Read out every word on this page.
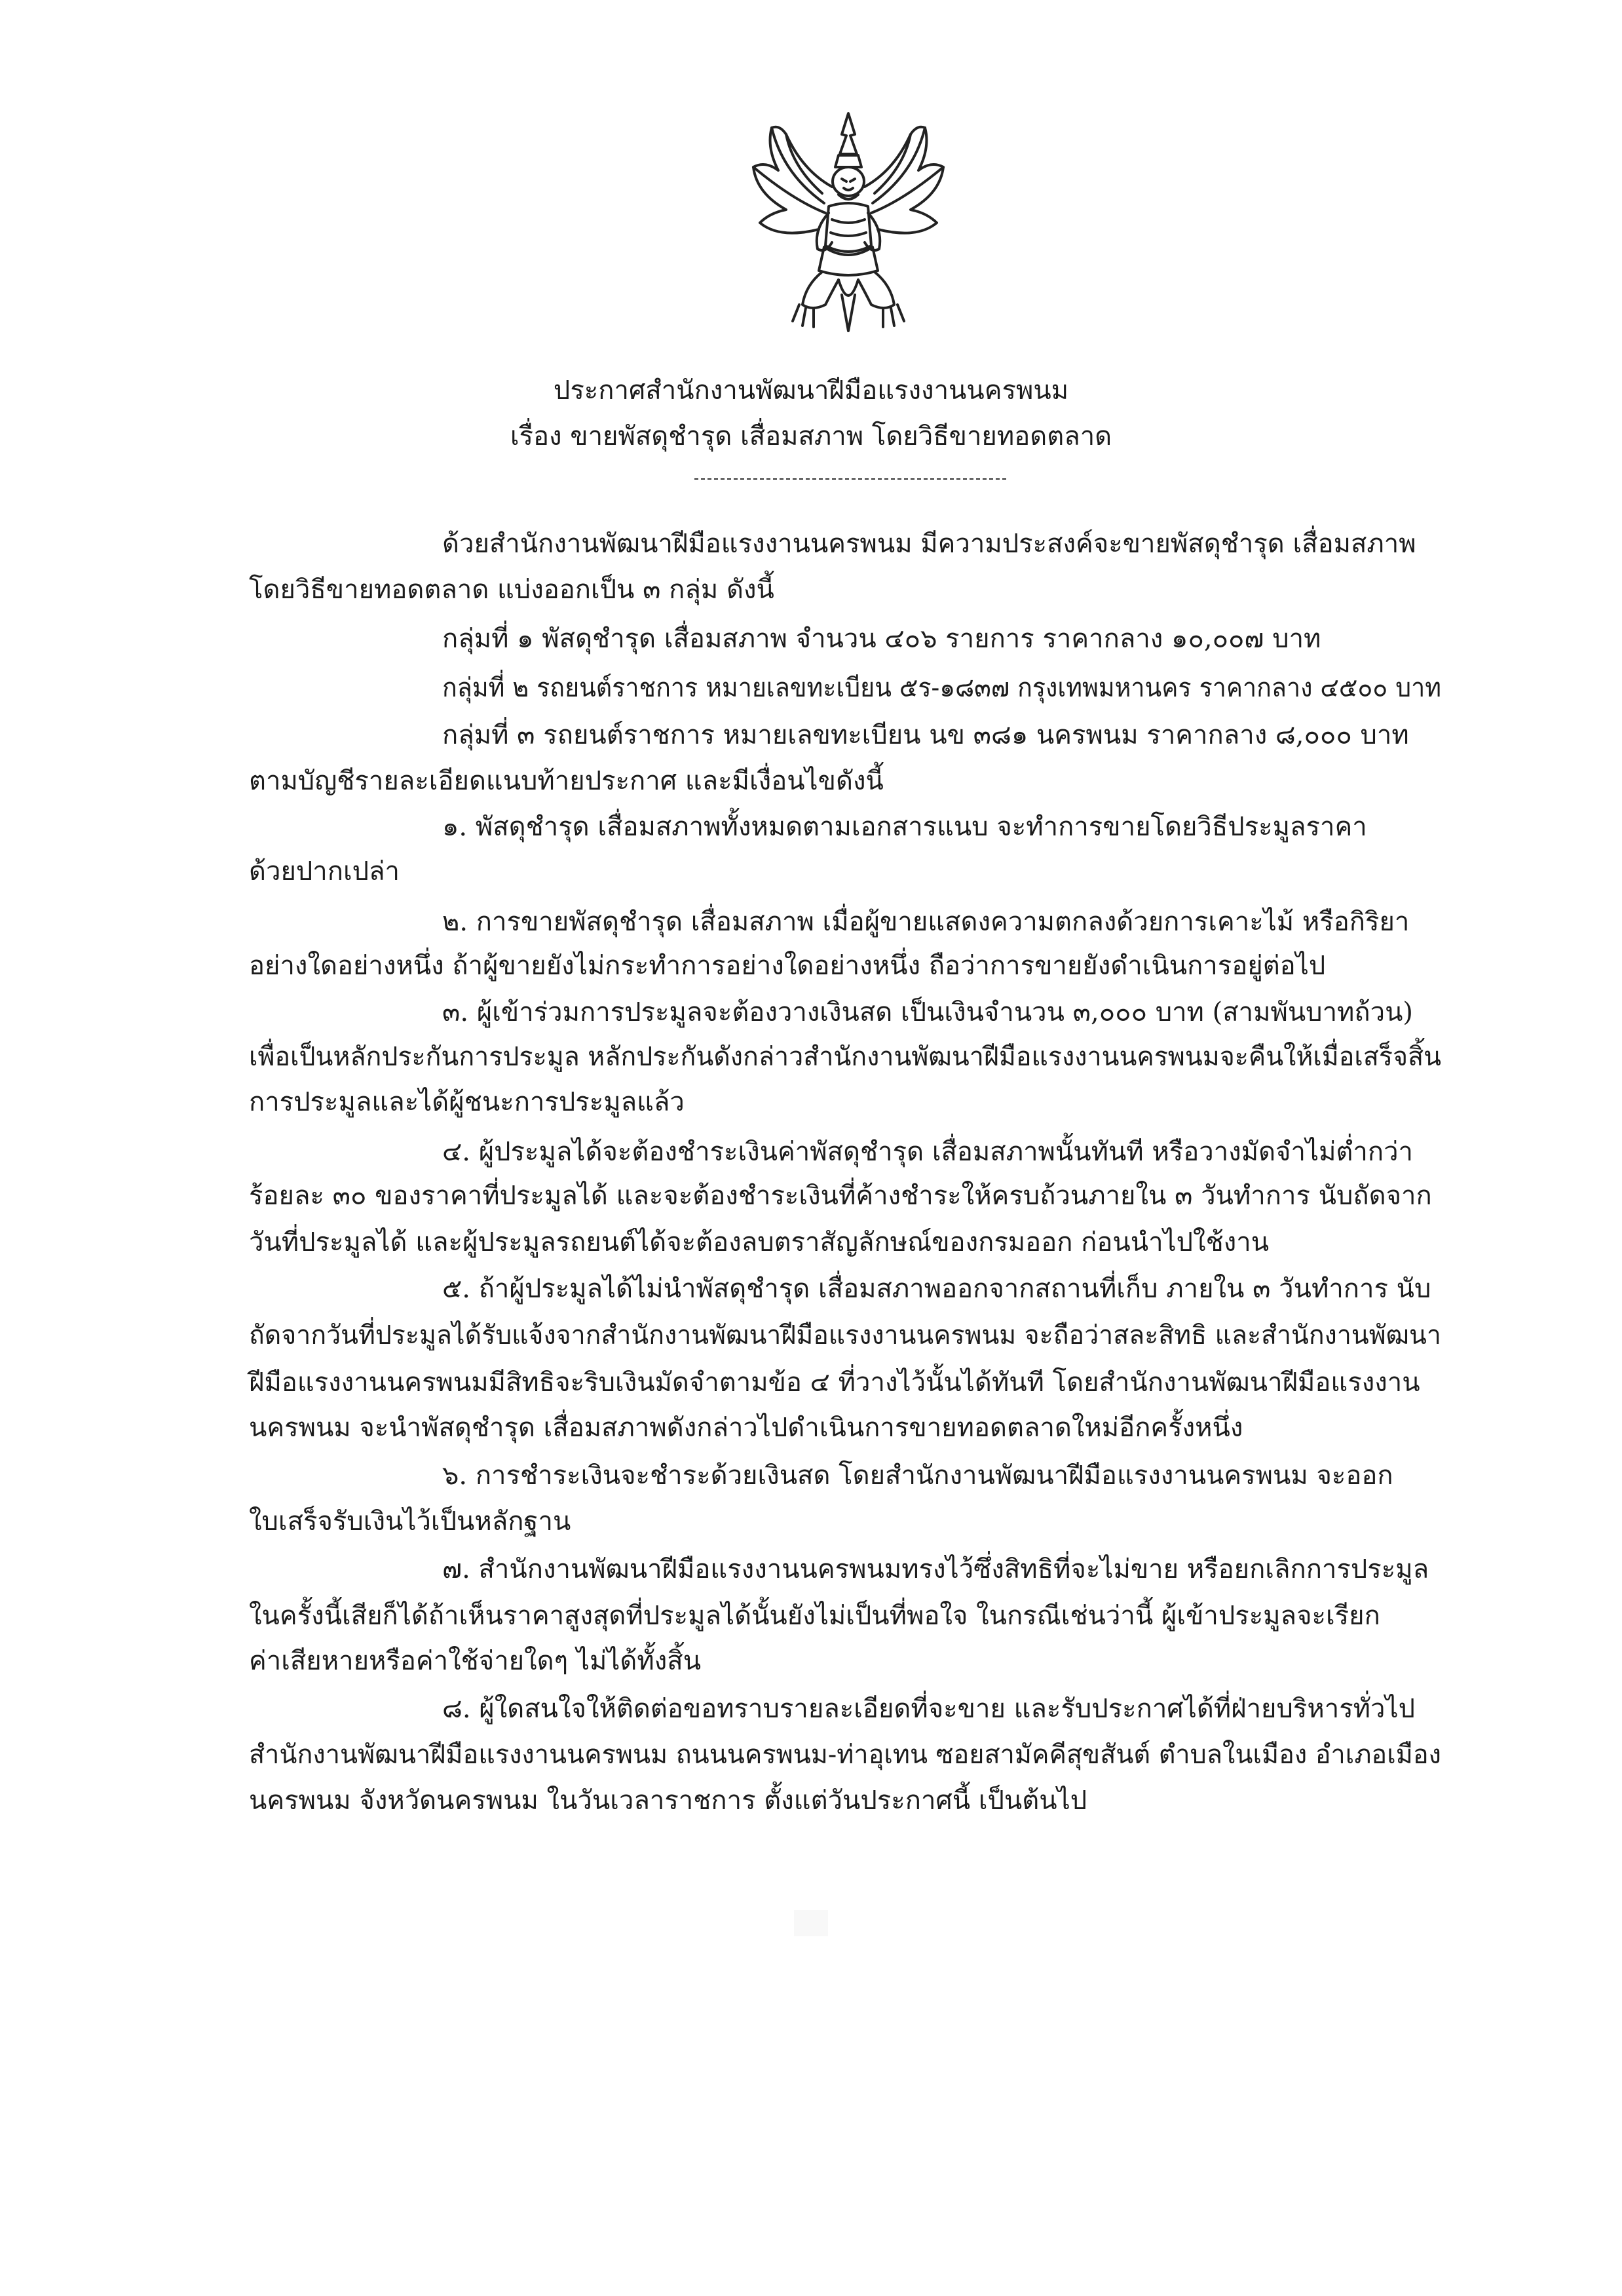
ประกาศสำนักงานพัฒนาฝีมือแรงงานนครพนม
เรื่อง ขายพัสดุชำรุด เสื่อมสภาพ โดยวิธีขายทอดตลาด
ด้วยสำนักงานพัฒนาฝีมือแรงงานนครพนม มีความประสงค์จะขายพัสดุชำรุด เสื่อมสภาพ
โดยวิธีขายทอดตลาด แบ่งออกเป็น ๓ กลุ่ม ดังนี้
กลุ่มที่ ๑ พัสดุชำรุด เสื่อมสภาพ จำนวน ๔๐๖ รายการ ราคากลาง ๑๐,๐๐๗ บาท
กลุ่มที่ ๒ รถยนต์ราชการ หมายเลขทะเบียน ๕ร-๑๘๓๗ กรุงเทพมหานคร ราคากลาง ๔๕๐๐ บาท
กลุ่มที่ ๓ รถยนต์ราชการ หมายเลขทะเบียน นข ๓๘๑ นครพนม ราคากลาง ๘,๐๐๐ บาท
ตามบัญชีรายละเอียดแนบท้ายประกาศ และมีเงื่อนไขดังนี้
๑. พัสดุชำรุด เสื่อมสภาพทั้งหมดตามเอกสารแนบ จะทำการขายโดยวิธีประมูลราคา
ด้วยปากเปล่า
๒. การขายพัสดุชำรุด เสื่อมสภาพ เมื่อผู้ขายแสดงความตกลงด้วยการเคาะไม้ หรือกิริยา
อย่างใดอย่างหนึ่ง ถ้าผู้ขายยังไม่กระทำการอย่างใดอย่างหนึ่ง ถือว่าการขายยังดำเนินการอยู่ต่อไป
๓. ผู้เข้าร่วมการประมูลจะต้องวางเงินสด เป็นเงินจำนวน ๓,๐๐๐ บาท (สามพันบาทถ้วน)
เพื่อเป็นหลักประกันการประมูล หลักประกันดังกล่าวสำนักงานพัฒนาฝีมือแรงงานนครพนมจะคืนให้เมื่อเสร็จสิ้น
การประมูลและได้ผู้ชนะการประมูลแล้ว
๔. ผู้ประมูลได้จะต้องชำระเงินค่าพัสดุชำรุด เสื่อมสภาพนั้นทันที หรือวางมัดจำไม่ต่ำกว่า
ร้อยละ ๓๐ ของราคาที่ประมูลได้ และจะต้องชำระเงินที่ค้างชำระให้ครบถ้วนภายใน ๓ วันทำการ นับถัดจาก
วันที่ประมูลได้ และผู้ประมูลรถยนต์ได้จะต้องลบตราสัญลักษณ์ของกรมออก ก่อนนำไปใช้งาน
๕. ถ้าผู้ประมูลได้ไม่นำพัสดุชำรุด เสื่อมสภาพออกจากสถานที่เก็บ ภายใน ๓ วันทำการ นับ
ถัดจากวันที่ประมูลได้รับแจ้งจากสำนักงานพัฒนาฝีมือแรงงานนครพนม จะถือว่าสละสิทธิ และสำนักงานพัฒนา
ฝีมือแรงงานนครพนมมีสิทธิจะริบเงินมัดจำตามข้อ ๔ ที่วางไว้นั้นได้ทันที โดยสำนักงานพัฒนาฝีมือแรงงาน
นครพนม จะนำพัสดุชำรุด เสื่อมสภาพดังกล่าวไปดำเนินการขายทอดตลาดใหม่อีกครั้งหนึ่ง
๖. การชำระเงินจะชำระด้วยเงินสด โดยสำนักงานพัฒนาฝีมือแรงงานนครพนม จะออก
ใบเสร็จรับเงินไว้เป็นหลักฐาน
๗. สำนักงานพัฒนาฝีมือแรงงานนครพนมทรงไว้ซึ่งสิทธิที่จะไม่ขาย หรือยกเลิกการประมูล
ในครั้งนี้เสียก็ได้ถ้าเห็นราคาสูงสุดที่ประมูลได้นั้นยังไม่เป็นที่พอใจ ในกรณีเช่นว่านี้ ผู้เข้าประมูลจะเรียก
ค่าเสียหายหรือค่าใช้จ่ายใดๆ ไม่ได้ทั้งสิ้น
๘. ผู้ใดสนใจให้ติดต่อขอทราบรายละเอียดที่จะขาย และรับประกาศได้ที่ฝ่ายบริหารทั่วไป
สำนักงานพัฒนาฝีมือแรงงานนครพนม ถนนนครพนม-ท่าอุเทน ซอยสามัคคีสุขสันต์ ตำบลในเมือง อำเภอเมือง
นครพนม จังหวัดนครพนม ในวันเวลาราชการ ตั้งแต่วันประกาศนี้ เป็นต้นไป
